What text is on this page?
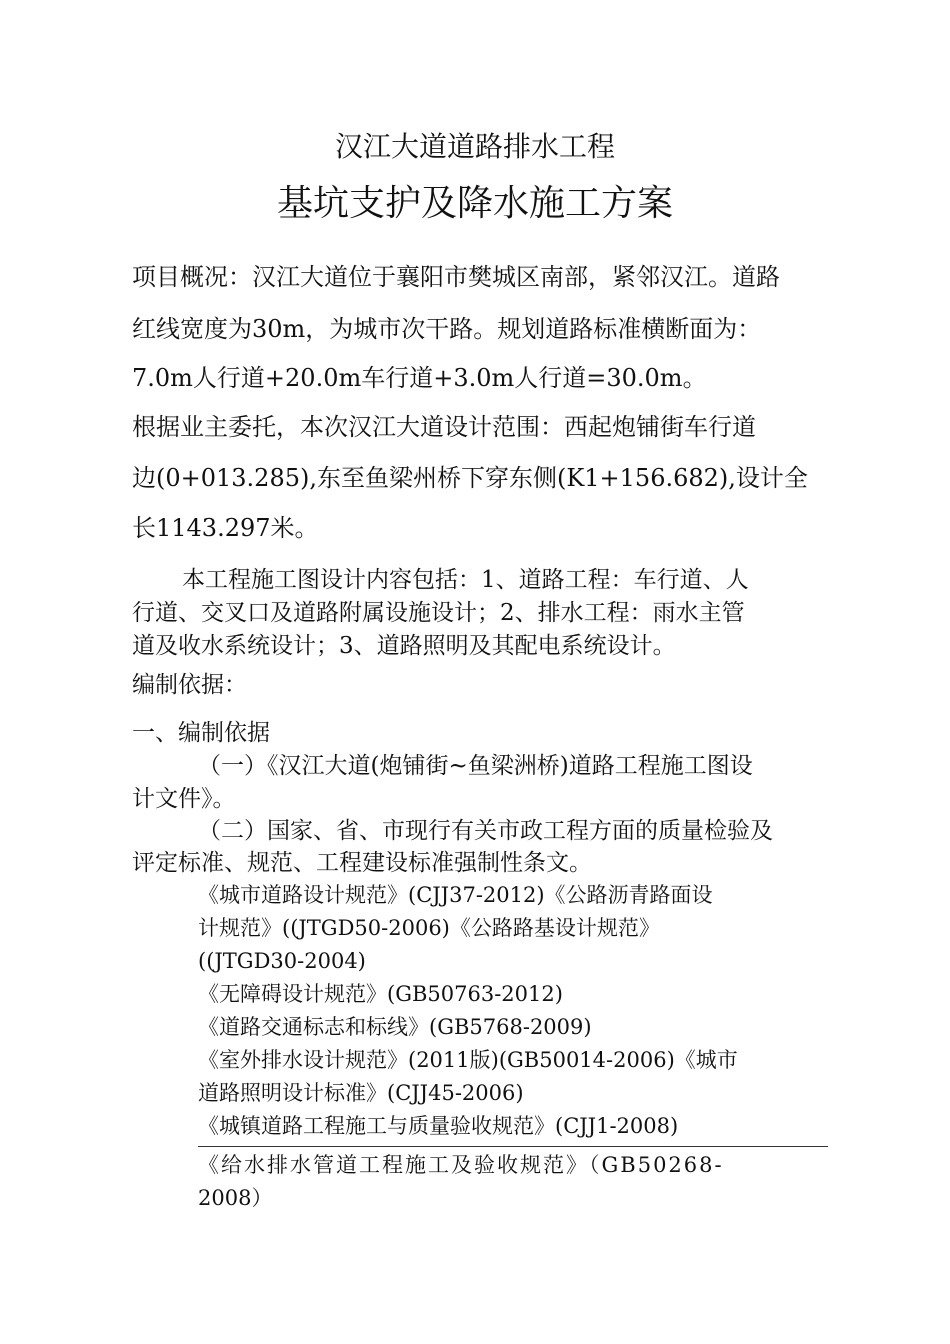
汉江大道道路排水工程
基坑支护及降水施工方案
项目概况：汉江大道位于襄阳市樊城区南部，紧邻汉江。道路
红线宽度为30m，为城市次干路。规划道路标准横断面为：
7.0m人行道+20.0m车行道+3.0m人行道=30.0m。
根据业主委托，本次汉江大道设计范围：西起炮铺街车行道
边(0+013.285),东至鱼梁州桥下穿东侧(K1+156.682),设计全
长1143.297米。
本工程施工图设计内容包括：1、道路工程：车行道、人
行道、交叉口及道路附属设施设计；2、排水工程：雨水主管
道及收水系统设计；3、道路照明及其配电系统设计。
编制依据：
一、编制依据
（一）《汉江大道(炮铺街~鱼梁洲桥)道路工程施工图设
计文件》。
（二）国家、省、市现行有关市政工程方面的质量检验及
评定标准、规范、工程建设标准强制性条文。
《城市道路设计规范》(CJJ37-2012)《公路沥青路面设
计规范》((JTGD50-2006)《公路路基设计规范》
((JTGD30-2004)
《无障碍设计规范》(GB50763-2012)
《道路交通标志和标线》(GB5768-2009)
《室外排水设计规范》(2011版)(GB50014-2006)《城市
道路照明设计标准》(CJJ45-2006)
《城镇道路工程施工与质量验收规范》(CJJ1-2008)
《给水排水管道工程施工及验收规范》（GB50268-
2008）
